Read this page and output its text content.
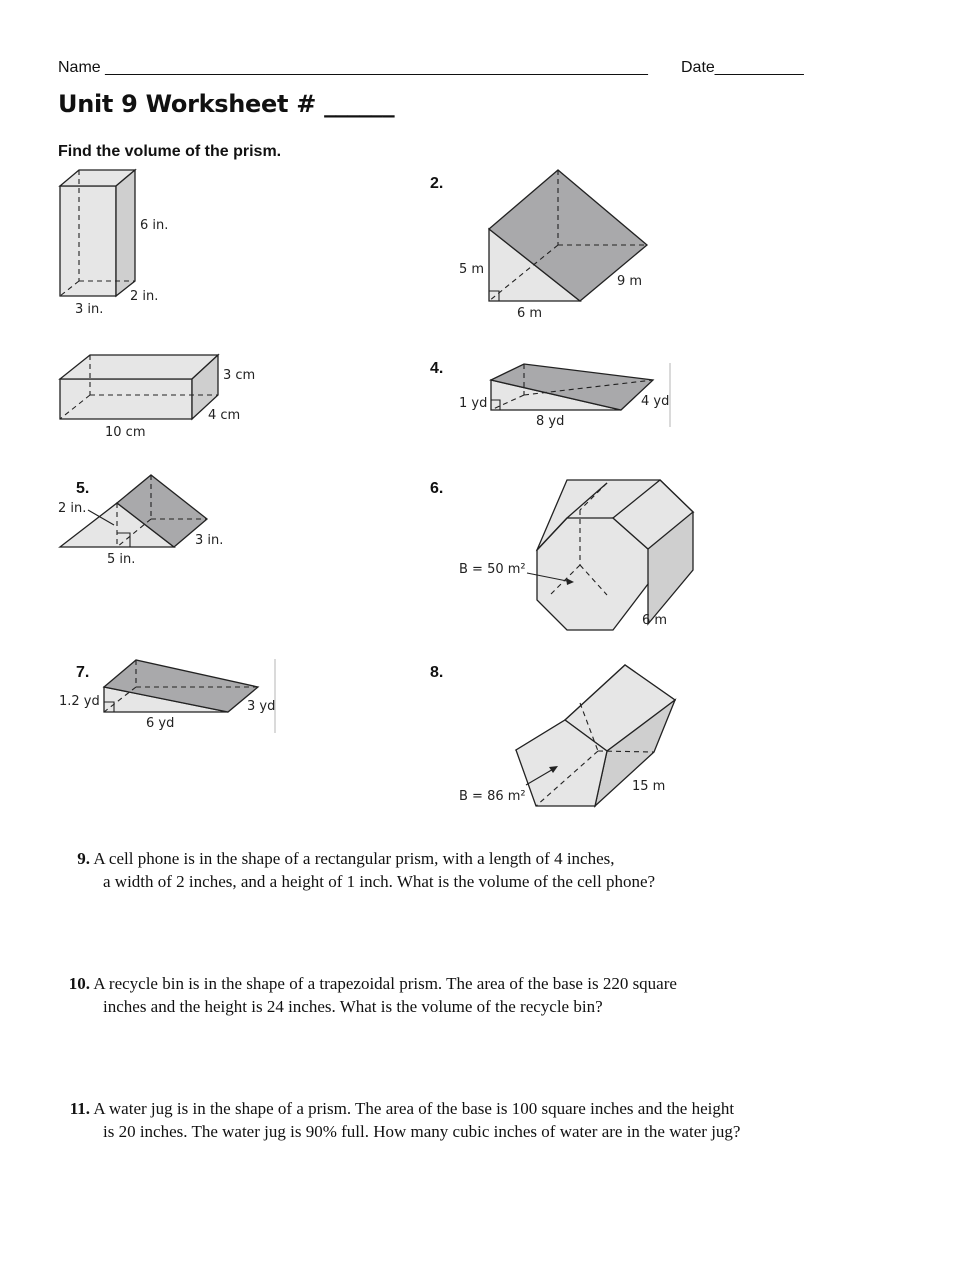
Name _____________________________________________________________ Date__________
Unit 9 Worksheet # ______
Find the volume of the prism.
6 in.
2 in.
3 in.
2.
5 m
9 m
6 m
3 cm
4 cm
10 cm
4.
1 yd
8 yd
4 yd
5.
2 in.
3 in.
5 in.
6.
B = 50 m²
6 m
7.
1.2 yd	3 yd
6 yd
8.
B = 86 m²
15 m
9. A cell phone is in the shape of a rectangular prism, with a length of 4 inches,
a width of 2 inches, and a height of 1 inch. What is the volume of the cell phone?
10. A recycle bin is in the shape of a trapezoidal prism. The area of the base is 220 square
inches and the height is 24 inches. What is the volume of the recycle bin?
11. A water jug is in the shape of a prism. The area of the base is 100 square inches and the height
is 20 inches. The water jug is 90% full. How many cubic inches of water are in the water jug?
